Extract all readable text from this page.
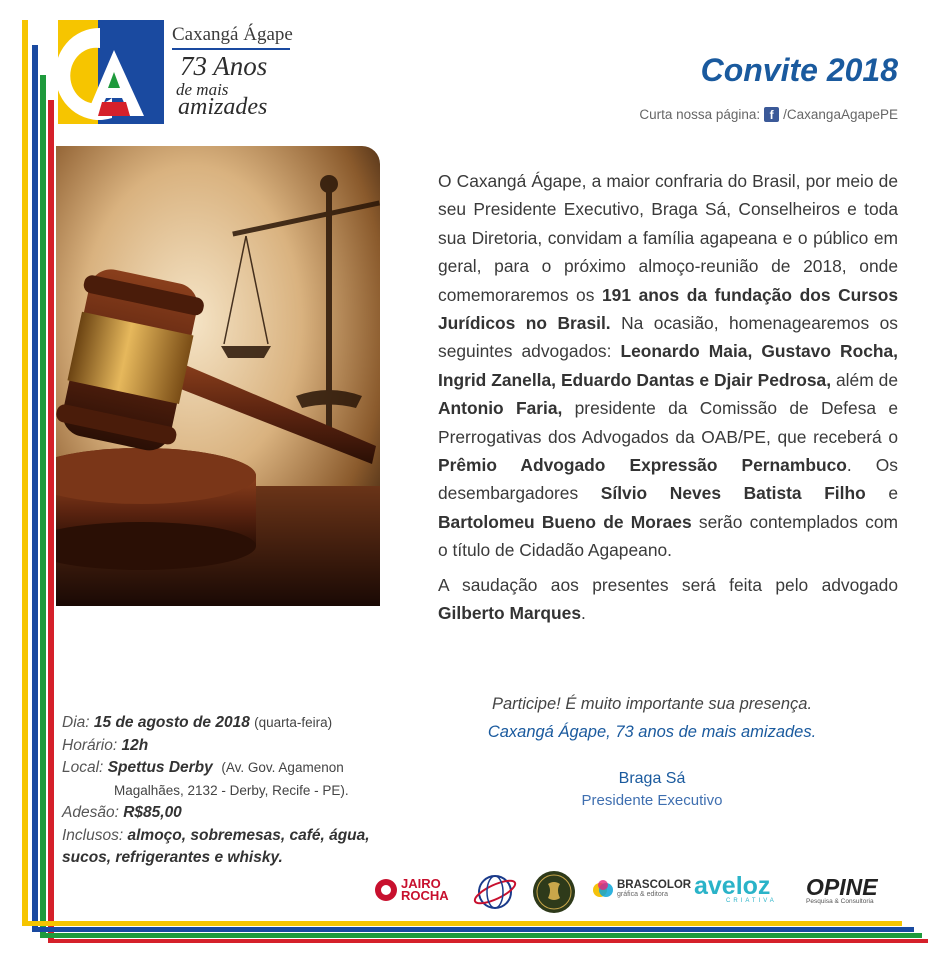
Caxangá Ágape
73 Anos
de mais
amizades
Convite 2018
Curta nossa página: f /CaxangaAgapePE

O Caxangá Ágape, a maior confraria do Brasil, por meio de seu Presidente Executivo, Braga Sá, Conselheiros e toda sua Diretoria, convidam a família agapeana e o público em geral, para o próximo almoço-reunião de 2018, onde comemoraremos os 191 anos da fundação dos Cursos Jurídicos no Brasil. Na ocasião, homenagearemos os seguintes advogados: Leonardo Maia, Gustavo Rocha, Ingrid Zanella, Eduardo Dantas e Djair Pedrosa, além de Antonio Faria, presidente da Comissão de Defesa e Prerrogativas dos Advogados da OAB/PE, que receberá o Prêmio Advogado Expressão Pernambuco. Os desembargadores Sílvio Neves Batista Filho e Bartolomeu Bueno de Moraes serão contemplados com o título de Cidadão Agapeano.

A saudação aos presentes será feita pelo advogado Gilberto Marques.

Participe! É muito importante sua presença.
Caxangá Ágape, 73 anos de mais amizades.
Braga Sá
Presidente Executivo
Dia: 15 de agosto de 2018 (quarta-feira)
Horário: 12h
Local: Spettus Derby (Av. Gov. Agamenon
Magalhães, 2132 - Derby, Recife - PE).
Adesão: R$85,00
Inclusos: almoço, sobremesas, café, água,
sucos, refrigerantes e whisky.
JAIRO
ROCHA
BRASCOLOR
gráfica & editora	aveloz
CRIATIVA
OPINE
Pesquisa & Consultoria
